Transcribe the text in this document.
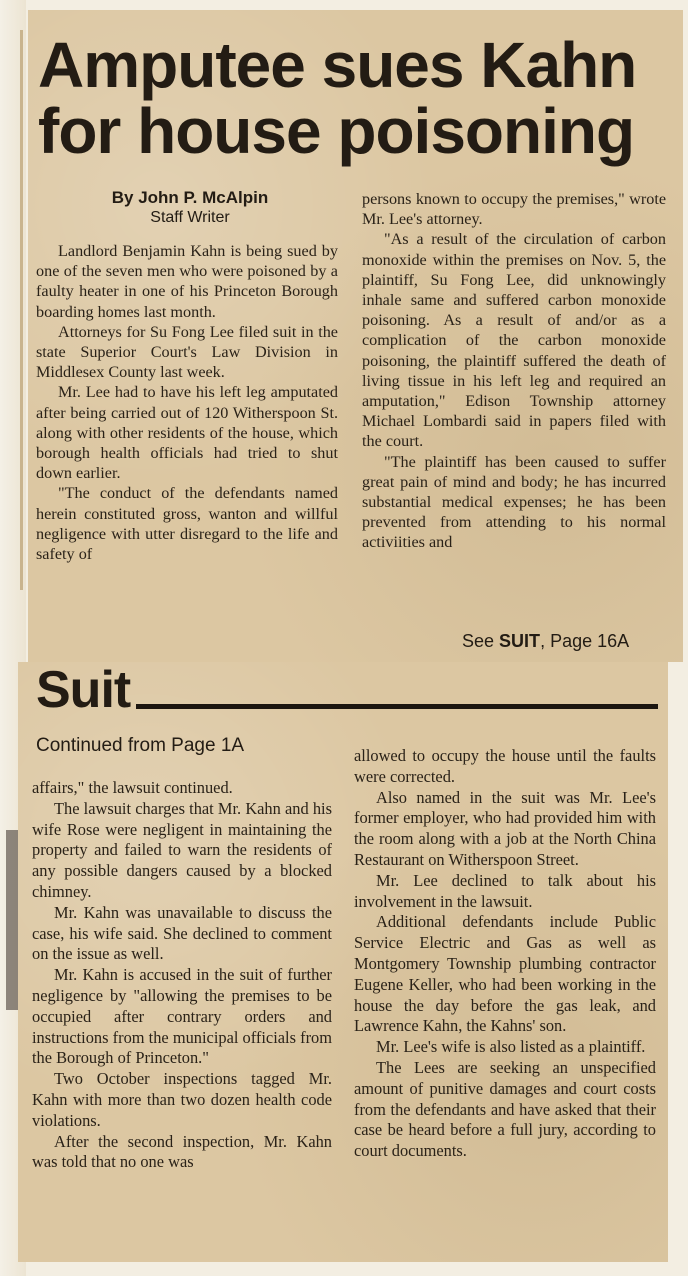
Amputee sues Kahn
for house poisoning
By John P. McAlpin
Staff Writer

Landlord Benjamin Kahn is being sued by one of the seven men who were poisoned by a faulty heater in one of his Princeton Borough boarding homes last month.

Attorneys for Su Fong Lee filed suit in the state Superior Court's Law Division in Middlesex County last week.

Mr. Lee had to have his left leg amputated after being carried out of 120 Witherspoon St. along with other residents of the house, which borough health officials had tried to shut down earlier.

"The conduct of the defendants named herein constituted gross, wanton and willful negligence with utter disregard to the life and safety of

persons known to occupy the premises," wrote Mr. Lee's attorney.

"As a result of the circulation of carbon monoxide within the premises on Nov. 5, the plaintiff, Su Fong Lee, did unknowingly inhale same and suffered carbon monoxide poisoning. As a result of and/or as a complication of the carbon monoxide poisoning, the plaintiff suffered the death of living tissue in his left leg and required an amputation," Edison Township attorney Michael Lombardi said in papers filed with the court.

"The plaintiff has been caused to suffer great pain of mind and body; he has incurred substantial medical expenses; he has been prevented from attending to his normal activiities and

See SUIT, Page 16A
Suit
Continued from Page 1A

affairs," the lawsuit continued.

The lawsuit charges that Mr. Kahn and his wife Rose were negligent in maintaining the property and failed to warn the residents of any possible dangers caused by a blocked chimney.

Mr. Kahn was unavailable to discuss the case, his wife said. She declined to comment on the issue as well.

Mr. Kahn is accused in the suit of further negligence by "allowing the premises to be occupied after contrary orders and instructions from the municipal officials from the Borough of Princeton."

Two October inspections tagged Mr. Kahn with more than two dozen health code violations.

After the second inspection, Mr. Kahn was told that no one was

allowed to occupy the house until the faults were corrected.

Also named in the suit was Mr. Lee's former employer, who had provided him with the room along with a job at the North China Restaurant on Witherspoon Street.

Mr. Lee declined to talk about his involvement in the lawsuit.

Additional defendants include Public Service Electric and Gas as well as Montgomery Township plumbing contractor Eugene Keller, who had been working in the house the day before the gas leak, and Lawrence Kahn, the Kahns' son.

Mr. Lee's wife is also listed as a plaintiff.

The Lees are seeking an unspecified amount of punitive damages and court costs from the defendants and have asked that their case be heard before a full jury, according to court documents.
